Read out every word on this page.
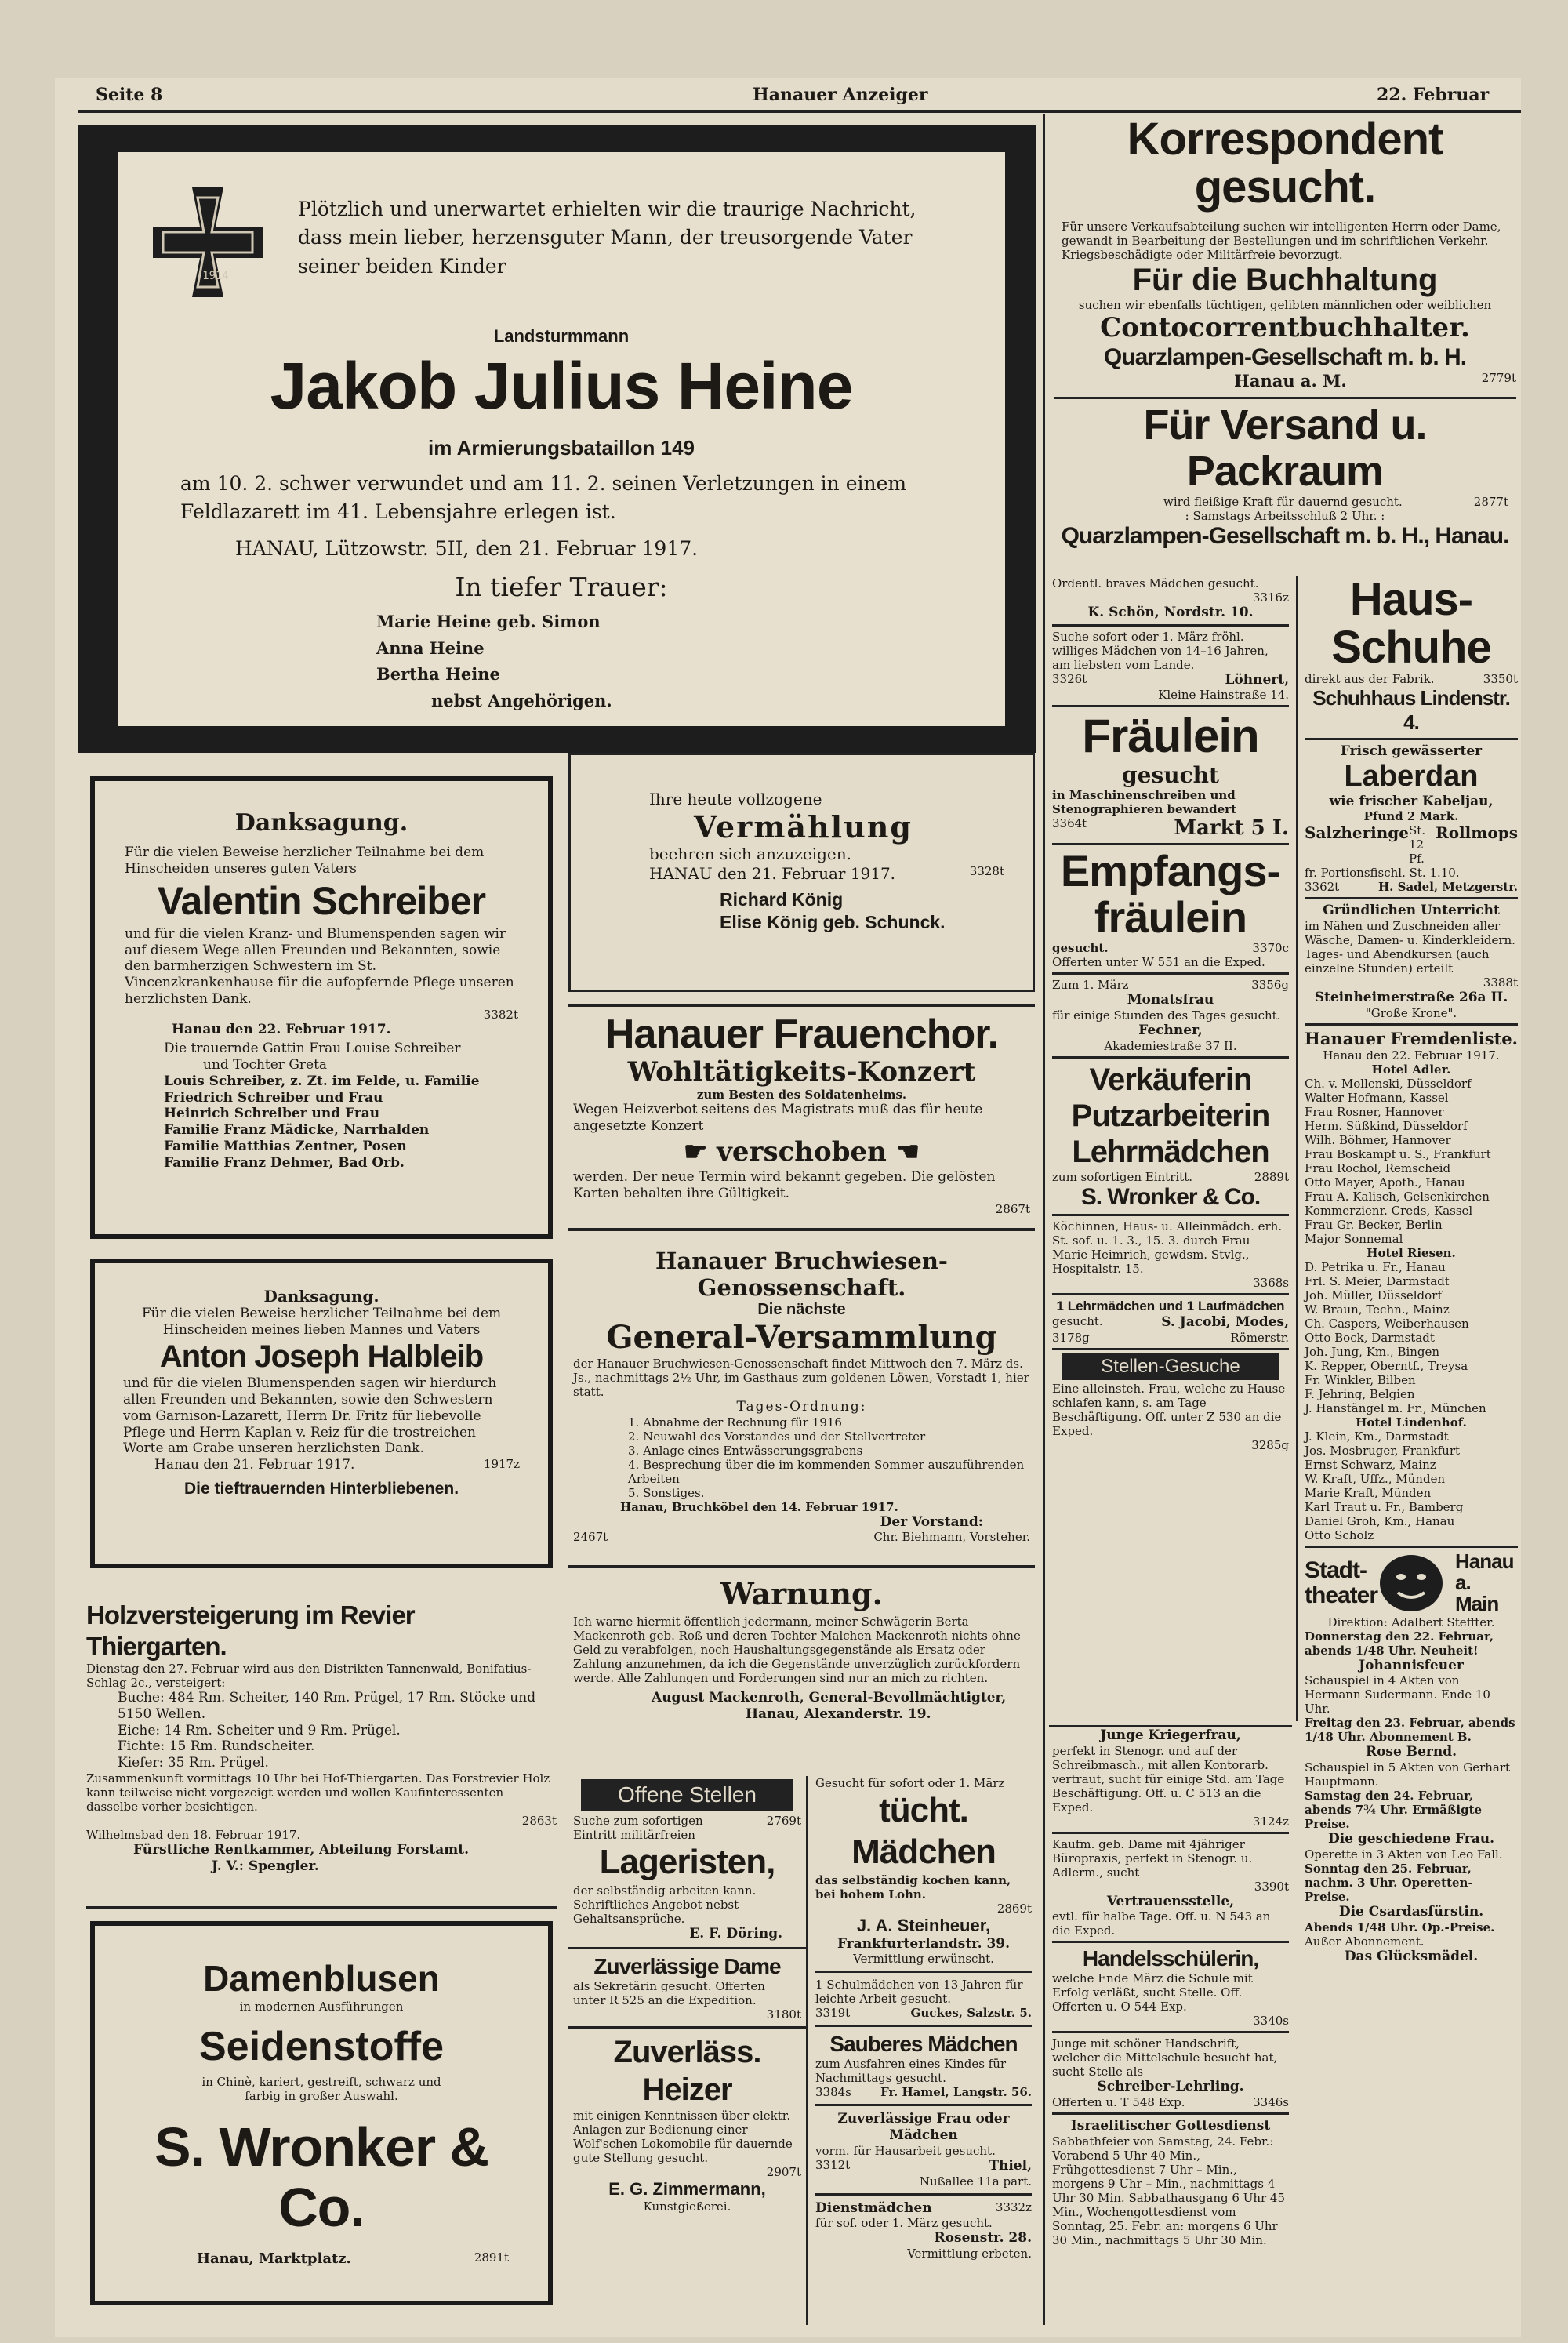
Seite 8	Hanauer Anzeiger	22. Februar
1914

Plötzlich und unerwartet erhielten wir die traurige Nachricht, dass mein lieber, herzensguter Mann, der treusorgende Vater seiner beiden Kinder

Landsturmmann

Jakob Julius Heine

im Armierungsbataillon 149

am 10. 2. schwer verwundet und am 11. 2. seinen Verletzungen in einem Feldlazarett im 41. Lebensjahre erlegen ist.

HANAU, Lützowstr. 5II, den 21. Februar 1917.

In tiefer Trauer:

Marie Heine geb. Simon

Anna Heine

Bertha Heine

nebst Angehörigen.

Danksagung.

Für die vielen Beweise herzlicher Teilnahme bei dem Hinscheiden unseres guten Vaters

Valentin Schreiber

und für die vielen Kranz- und Blumenspenden sagen wir auf diesem Wege allen Freunden und Bekannten, sowie den barmherzigen Schwestern im St. Vincenzkrankenhause für die aufopfernde Pflege unseren herzlichsten Dank.

3382t

Hanau den 22. Februar 1917.

Die trauernde Gattin Frau Louise Schreiber

und Tochter Greta

Louis Schreiber, z. Zt. im Felde, u. Familie

Friedrich Schreiber und Frau

Heinrich Schreiber und Frau

Familie Franz Mädicke, Narrhalden

Familie Matthias Zentner, Posen

Familie Franz Dehmer, Bad Orb.

Ihre heute vollzogene

Vermählung

beehren sich anzuzeigen.

HANAU den 21. Februar 1917.	3328t

Richard König

Elise König geb. Schunck.

Hanauer Frauenchor.

Wohltätigkeits-Konzert

zum Besten des Soldatenheims.

Wegen Heizverbot seitens des Magistrats muß das für heute angesetzte Konzert

☛ verschoben ☚

werden. Der neue Termin wird bekannt gegeben. Die gelösten Karten behalten ihre Gültigkeit.

2867t

Hanauer Bruchwiesen-Genossenschaft.

Die nächste

General-Versammlung

der Hanauer Bruchwiesen-Genossenschaft findet Mittwoch den 7. März ds. Js., nachmittags 2½ Uhr, im Gasthaus zum goldenen Löwen, Vorstadt 1, hier statt.

Tages-Ordnung:

1. Abnahme der Rechnung für 1916

2. Neuwahl des Vorstandes und der Stellvertreter

3. Anlage eines Entwässerungsgrabens

4. Besprechung über die im kommenden Sommer auszuführenden Arbeiten

5. Sonstiges.

Hanau, Bruchköbel den 14. Februar 1917.

Der Vorstand:

2467t	Chr. Biehmann, Vorsteher.

Danksagung.

Für die vielen Beweise herzlicher Teilnahme bei dem Hinscheiden meines lieben Mannes und Vaters

Anton Joseph Halbleib

und für die vielen Blumenspenden sagen wir hierdurch allen Freunden und Bekannten, sowie den Schwestern vom Garnison-Lazarett, Herrn Dr. Fritz für liebevolle Pflege und Herrn Kaplan v. Reiz für die trostreichen Worte am Grabe unseren herzlichsten Dank.

Hanau den 21. Februar 1917.	1917z

Die tieftrauernden Hinterbliebenen.

Holzversteigerung im Revier Thiergarten.

Dienstag den 27. Februar wird aus den Distrikten Tannenwald, Bonifatius-Schlag 2c., versteigert:

Buche: 484 Rm. Scheiter, 140 Rm. Prügel, 17 Rm. Stöcke und 5150 Wellen.

Eiche: 14 Rm. Scheiter und 9 Rm. Prügel.

Fichte: 15 Rm. Rundscheiter.

Kiefer: 35 Rm. Prügel.

Zusammenkunft vormittags 10 Uhr bei Hof-Thiergarten. Das Forstrevier Holz kann teilweise nicht vorgezeigt werden und wollen Kaufinteressenten dasselbe vorher besichtigen.

2863t

Wilhelmsbad den 18. Februar 1917.

Fürstliche Rentkammer, Abteilung Forstamt.

J. V.: Spengler.

Damenblusen

in modernen Ausführungen

Seidenstoffe

in Chinè, kariert, gestreift, schwarz und farbig in großer Auswahl.

S. Wronker & Co.

Hanau, Marktplatz.	2891t

Warnung.

Ich warne hiermit öffentlich jedermann, meiner Schwägerin Berta Mackenroth geb. Roß und deren Tochter Malchen Mackenroth nichts ohne Geld zu verabfolgen, noch Haushaltungsgegenstände als Ersatz oder Zahlung anzunehmen, da ich die Gegenstände unverzüglich zurückfordern werde. Alle Zahlungen und Forderungen sind nur an mich zu richten.

August Mackenroth, General-Bevollmächtigter,

Hanau, Alexanderstr. 19.

Offene Stellen
Suche zum sofortigen Eintritt militärfreien
2769t

Lageristen,

der selbständig arbeiten kann. Schriftliches Angebot nebst Gehaltsansprüche.

E. F. Döring.

Zuverlässige Dame

als Sekretärin gesucht. Offerten unter R 525 an die Expedition.

3180t

Zuverläss. Heizer

mit einigen Kenntnissen über elektr. Anlagen zur Bedienung einer Wolf'schen Lokomobile für dauernde gute Stellung gesucht.

2907t

E. G. Zimmermann,

Kunstgießerei.

Gesucht für sofort oder 1. März

tücht. Mädchen

das selbständig kochen kann, bei hohem Lohn.

2869t

J. A. Steinheuer,

Frankfurterlandstr. 39.

Vermittlung erwünscht.

1 Schulmädchen von 13 Jahren für leichte Arbeit gesucht.

3319t	Guckes, Salzstr. 5.

Sauberes Mädchen

zum Ausfahren eines Kindes für Nachmittags gesucht.

3384s Fr. Hamel, Langstr. 56.

Zuverlässige Frau oder Mädchen

vorm. für Hausarbeit gesucht.

3312t	Thiel,

Nußallee 11a part.

Dienstmädchen	3332z

für sof. oder 1. März gesucht.

Rosenstr. 28.

Vermittlung erbeten.

Korrespondent gesucht.

Für unsere Verkaufsabteilung suchen wir intelligenten Herrn oder Dame, gewandt in Bearbeitung der Bestellungen und im schriftlichen Verkehr. Kriegsbeschädigte oder Militärfreie bevorzugt.

Für die Buchhaltung

suchen wir ebenfalls tüchtigen, gelibten männlichen oder weiblichen

Contocorrentbuchhalter.

Quarzlampen-Gesellschaft m. b. H.

Hanau a. M.	2779t

Für Versand u. Packraum

wird fleißige Kraft für dauernd gesucht.	2877t

: Samstags Arbeitsschluß 2 Uhr. :

Quarzlampen-Gesellschaft m. b. H., Hanau.

Ordentl. braves Mädchen gesucht.

3316z

K. Schön, Nordstr. 10.

Suche sofort oder 1. März fröhl. williges Mädchen von 14–16 Jahren, am liebsten vom Lande.

3326t	Löhnert,

Kleine Hainstraße 14.

Fräulein

gesucht

in Maschinenschreiben und Stenographieren bewandert

3364t	Markt 5 I.

Empfangs-

fräulein

gesucht.	3370c

Offerten unter W 551 an die Exped.

Zum 1. März	3356g

Monatsfrau

für einige Stunden des Tages gesucht.

Fechner,

Akademiestraße 37 II.

Verkäuferin

Putzarbeiterin

Lehrmädchen

zum sofortigen Eintritt.	2889t

S. Wronker & Co.

Köchinnen, Haus- u. Alleinmädch. erh. St. sof. u. 1. 3., 15. 3. durch Frau Marie Heimrich, gewdsm. Stvlg., Hospitalstr. 15.

3368s

1 Lehrmädchen und 1 Laufmädchen

gesucht.	S. Jacobi, Modes,
3178g	Römerstr.
Stellen-Gesuche

Eine alleinsteh. Frau, welche zu Hause schlafen kann, s. am Tage Beschäftigung. Off. unter Z 530 an die Exped.

3285g

Junge Kriegerfrau,

perfekt in Stenogr. und auf der Schreibmasch., mit allen Kontorarb. vertraut, sucht für einige Std. am Tage Beschäftigung. Off. u. C 513 an die Exped.

3124z

Kaufm. geb. Dame mit 4jähriger Büropraxis, perfekt in Stenogr. u. Adlerm., sucht

3390t

Vertrauensstelle,

evtl. für halbe Tage. Off. u. N 543 an die Exped.

Handelsschülerin,

welche Ende März die Schule mit Erfolg verläßt, sucht Stelle. Off. Offerten u. O 544 Exp.

3340s

Junge mit schöner Handschrift, welcher die Mittelschule besucht hat, sucht Stelle als

Schreiber-Lehrling.

Offerten u. T 548 Exp.	3346s

Israelitischer Gottesdienst

Sabbathfeier von Samstag, 24. Febr.: Vorabend 5 Uhr 40 Min., Frühgottesdienst 7 Uhr – Min., morgens 9 Uhr – Min., nachmittags 4 Uhr 30 Min. Sabbathausgang 6 Uhr 45 Min., Wochengottesdienst vom Sonntag, 25. Febr. an: morgens 6 Uhr 30 Min., nachmittags 5 Uhr 30 Min.

Haus-Schuhe

direkt aus der Fabrik.	3350t

Schuhhaus Lindenstr. 4.

Frisch gewässerter

Laberdan

wie frischer Kabeljau,

Pfund 2 Mark.

Salzheringe St. 12 Pf.
Rollmops

fr. Portionsfischl. St. 1.10.

3362t	H. Sadel, Metzgerstr.

Gründlichen Unterricht

im Nähen und Zuschneiden aller Wäsche, Damen- u. Kinderkleidern. Tages- und Abendkursen (auch einzelne Stunden) erteilt

3388t

Steinheimerstraße 26a II.

"Große Krone".

Hanauer Fremdenliste.

Hanau den 22. Februar 1917.

Hotel Adler.

Ch. v. Mollenski, Düsseldorf

Walter Hofmann, Kassel

Frau Rosner, Hannover

Herm. Süßkind, Düsseldorf

Wilh. Böhmer, Hannover

Frau Boskampf u. S., Frankfurt

Frau Rochol, Remscheid

Otto Mayer, Apoth., Hanau

Frau A. Kalisch, Gelsenkirchen

Kommerzienr. Creds, Kassel

Frau Gr. Becker, Berlin

Major Sonnemal

Hotel Riesen.

D. Petrika u. Fr., Hanau

Frl. S. Meier, Darmstadt

Joh. Müller, Düsseldorf

W. Braun, Techn., Mainz

Ch. Caspers, Weiberhausen

Otto Bock, Darmstadt

Joh. Jung, Km., Bingen

K. Repper, Oberntf., Treysa

Fr. Winkler, Bilben

F. Jehring, Belgien

J. Hanstängel m. Fr., München

Hotel Lindenhof.

J. Klein, Km., Darmstadt

Jos. Mosbruger, Frankfurt

Ernst Schwarz, Mainz

W. Kraft, Uffz., Münden

Marie Kraft, Münden

Karl Traut u. Fr., Bamberg

Daniel Groh, Km., Hanau

Otto Scholz

Stadt-theater
Hanau a. Main

Direktion: Adalbert Steffter.

Donnerstag den 22. Februar, abends 1/48 Uhr. Neuheit!

Johannisfeuer

Schauspiel in 4 Akten von Hermann Sudermann. Ende 10 Uhr.

Freitag den 23. Februar, abends 1/48 Uhr. Abonnement B.

Rose Bernd.

Schauspiel in 5 Akten von Gerhart Hauptmann.

Samstag den 24. Februar, abends 7¾ Uhr. Ermäßigte Preise.

Die geschiedene Frau.

Operette in 3 Akten von Leo Fall.

Sonntag den 25. Februar, nachm. 3 Uhr. Operetten-Preise.

Die Csardasfürstin.

Abends 1/48 Uhr. Op.-Preise.

Außer Abonnement.

Das Glücksmädel.
